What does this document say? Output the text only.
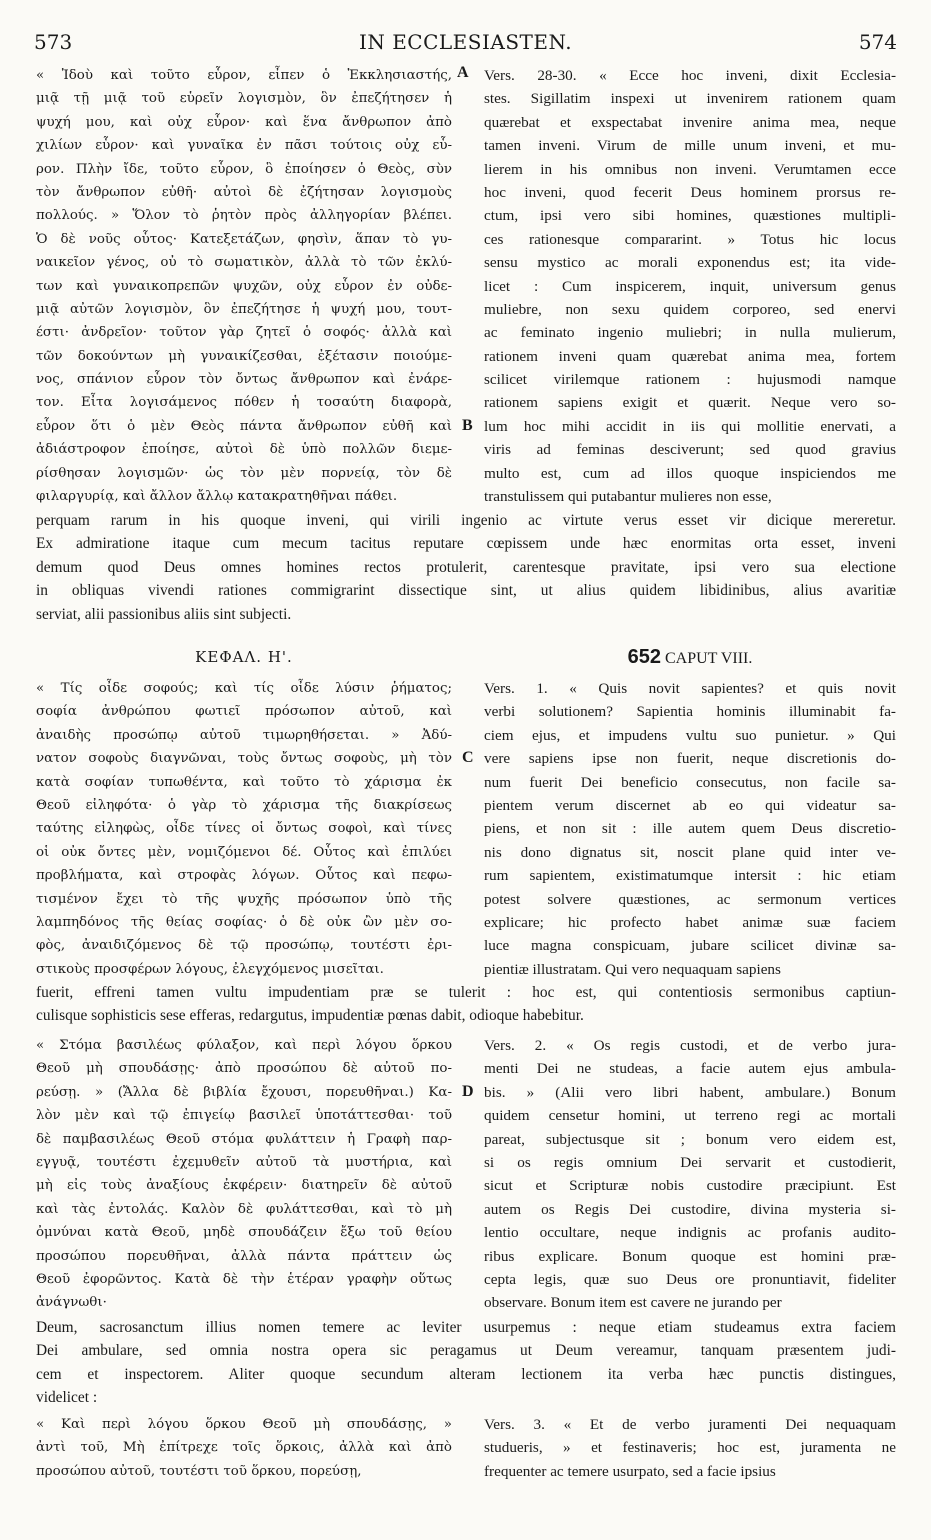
573	IN ECCLESIASTEN.	574
« Ἰδοὺ καὶ τοῦτο εὗρον, εἶπεν ὁ Ἐκκλησιαστής,
μιᾷ τῇ μιᾷ τοῦ εὑρεῖν λογισμὸν, ὃν ἐπεζήτησεν ἡ
ψυχή μου, καὶ οὐχ εὗρον· καὶ ἕνα ἄνθρωπον ἀπὸ
χιλίων εὗρον· καὶ γυναῖκα ἐν πᾶσι τούτοις οὐχ εὗ-
ρον. Πλὴν ἴδε, τοῦτο εὗρον, ὃ ἐποίησεν ὁ Θεὸς, σὺν
τὸν ἄνθρωπον εὐθῆ· αὐτοὶ δὲ ἐζήτησαν λογισμοὺς
πολλούς. » Ὅλον τὸ ῥητὸν πρὸς ἀλληγορίαν βλέπει.
Ὁ δὲ νοῦς οὗτος· Κατεξετάζων, φησὶν, ἅπαν τὸ γυ-
ναικεῖον γένος, οὐ τὸ σωματικὸν, ἀλλὰ τὸ τῶν ἐκλύ-
των καὶ γυναικοπρεπῶν ψυχῶν, οὐχ εὗρον ἐν οὐδε-
μιᾷ αὐτῶν λογισμὸν, ὃν ἐπεζήτησε ἡ ψυχή μου, τουτ-
έστι· ἀνδρεῖον· τοῦτον γὰρ ζητεῖ ὁ σοφός· ἀλλὰ καὶ
τῶν δοκούντων μὴ γυναικίζεσθαι, ἐξέτασιν ποιούμε-
νος, σπάνιον εὗρον τὸν ὄντως ἄνθρωπον καὶ ἐνάρε-
τον. Εἶτα λογισάμενος πόθεν ἡ τοσαύτη διαφορὰ,
εὗρον ὅτι ὁ μὲν Θεὸς πάντα ἄνθρωπον εὐθῆ καὶ
ἀδιάστροφον ἐποίησε, αὐτοὶ δὲ ὑπὸ πολλῶν διεμε-
ρίσθησαν λογισμῶν· ὡς τὸν μὲν πορνείᾳ, τὸν δὲ
φιλαργυρίᾳ, καὶ ἄλλον ἄλλῳ κατακρατηθῆναι πάθει.
Vers. 28-30. « Ecce hoc inveni, dixit Ecclesia-
stes. Sigillatim inspexi ut invenirem rationem quam
quærebat et exspectabat invenire anima mea, neque
tamen inveni. Virum de mille unum inveni, et mu-
lierem in his omnibus non inveni. Verumtamen ecce
hoc inveni, quod fecerit Deus hominem prorsus re-
ctum, ipsi vero sibi homines, quæstiones multipli-
ces rationesque compararint. » Totus hic locus
sensu mystico ac morali exponendus est; ita vide-
licet : Cum inspicerem, inquit, universum genus
muliebre, non sexu quidem corporeo, sed enervi
ac feminato ingenio muliebri; in nulla mulierum,
rationem inveni quam quærebat anima mea, fortem
scilicet virilemque rationem : hujusmodi namque
rationem sapiens exigit et quærit. Neque vero so-
lum hoc mihi accidit in iis qui mollitie enervati, a
viris ad feminas desciverunt; sed quod gravius
multo est, cum ad illos quoque inspiciendos me
transtulissem qui putabantur mulieres non esse,
A
B
perquam rarum in his quoque inveni, qui virili ingenio ac virtute verus esset vir dicique mereretur.
Ex admiratione itaque cum mecum tacitus reputare cœpissem unde hæc enormitas orta esset, inveni
demum quod Deus omnes homines rectos protulerit, carentesque pravitate, ipsi vero sua electione
in obliquas vivendi rationes commigrarint dissectique sint, ut alius quidem libidinibus, alius avaritiæ
serviat, alii passionibus aliis sint subjecti.
ΚΕΦΑΛ. Η'.	652 CAPUT VIII.
« Τίς οἶδε σοφούς; καὶ τίς οἶδε λύσιν ῥήματος;
σοφία ἀνθρώπου φωτιεῖ πρόσωπον αὐτοῦ, καὶ
ἀναιδὴς προσώπῳ αὐτοῦ τιμωρηθήσεται. » Ἀδύ-
νατον σοφοὺς διαγνῶναι, τοὺς ὄντως σοφοὺς, μὴ τὸν
κατὰ σοφίαν τυπωθέντα, καὶ τοῦτο τὸ χάρισμα ἐκ
Θεοῦ εἰληφότα· ὁ γὰρ τὸ χάρισμα τῆς διακρίσεως
ταύτης εἰληφὼς, οἶδε τίνες οἱ ὄντως σοφοὶ, καὶ τίνες
οἱ οὐκ ὄντες μὲν, νομιζόμενοι δέ. Οὗτος καὶ ἐπιλύει
προβλήματα, καὶ στροφὰς λόγων. Οὗτος καὶ πεφω-
τισμένον ἔχει τὸ τῆς ψυχῆς πρόσωπον ὑπὸ τῆς
λαμπηδόνος τῆς θείας σοφίας· ὁ δὲ οὐκ ὢν μὲν σο-
φὸς, ἀναιδιζόμενος δὲ τῷ προσώπῳ, τουτέστι ἐρι-
στικοὺς προσφέρων λόγους, ἐλεγχόμενος μισεῖται.
Vers. 1. « Quis novit sapientes? et quis novit
verbi solutionem? Sapientia hominis illuminabit fa-
ciem ejus, et impudens vultu suo punietur. » Qui
vere sapiens ipse non fuerit, neque discretionis do-
num fuerit Dei beneficio consecutus, non facile sa-
pientem verum discernet ab eo qui videatur sa-
piens, et non sit : ille autem quem Deus discretio-
nis dono dignatus sit, noscit plane quid inter ve-
rum sapientem, existimatumque intersit : hic etiam
potest solvere quæstiones, ac sermonum vertices
explicare; hic profecto habet animæ suæ faciem
luce magna conspicuam, jubare scilicet divinæ sa-
pientiæ illustratam. Qui vero nequaquam sapiens
C
fuerit, effreni tamen vultu impudentiam præ se tulerit : hoc est, qui contentiosis sermonibus captiun-
culisque sophisticis sese efferas, redargutus, impudentiæ pœnas dabit, odioque habebitur.
« Στόμα βασιλέως φύλαξον, καὶ περὶ λόγου ὅρκου
Θεοῦ μὴ σπουδάσῃς· ἀπὸ προσώπου δὲ αὐτοῦ πο-
ρεύσῃ. » (Ἄλλα δὲ βιβλία ἔχουσι, πορευθῆναι.) Κα-
λὸν μὲν καὶ τῷ ἐπιγείῳ βασιλεῖ ὑποτάττεσθαι· τοῦ
δὲ παμβασιλέως Θεοῦ στόμα φυλάττειν ἡ Γραφὴ παρ-
εγγυᾷ, τουτέστι ἐχεμυθεῖν αὐτοῦ τὰ μυστήρια, καὶ
μὴ εἰς τοὺς ἀναξίους ἐκφέρειν· διατηρεῖν δὲ αὐτοῦ
καὶ τὰς ἐντολάς. Καλὸν δὲ φυλάττεσθαι, καὶ τὸ μὴ
ὀμνύναι κατὰ Θεοῦ, μηδὲ σπουδάζειν ἔξω τοῦ θείου
προσώπου πορευθῆναι, ἀλλὰ πάντα πράττειν ὡς
Θεοῦ ἐφορῶντος. Κατὰ δὲ τὴν ἑτέραν γραφὴν οὕτως
ἀνάγνωθι·
Vers. 2. « Os regis custodi, et de verbo jura-
menti Dei ne studeas, a facie autem ejus ambula-
bis. » (Alii vero libri habent, ambulare.) Bonum
quidem censetur homini, ut terreno regi ac mortali
pareat, subjectusque sit ; bonum vero eidem est,
si os regis omnium Dei servarit et custodierit,
sicut et Scripturæ nobis custodire præcipiunt. Est
autem os Regis Dei custodire, divina mysteria si-
lentio occultare, neque indignis ac profanis audito-
ribus explicare. Bonum quoque est homini præ-
cepta legis, quæ suo Deus ore pronuntiavit, fideliter
observare. Bonum item est cavere ne jurando per
D
Deum, sacrosanctum illius nomen temere ac leviter usurpemus : neque etiam studeamus extra faciem
Dei ambulare, sed omnia nostra opera sic peragamus ut Deum vereamur, tanquam præsentem judi-
cem et inspectorem. Aliter quoque secundum alteram lectionem ita verba hæc punctis distingues,
videlicet :
« Καὶ περὶ λόγου ὅρκου Θεοῦ μὴ σπουδάσῃς, »
ἀντὶ τοῦ, Μὴ ἐπίτρεχε τοῖς ὅρκοις, ἀλλὰ καὶ ἀπὸ
προσώπου αὐτοῦ, τουτέστι τοῦ ὅρκου, πορεύσῃ,
Vers. 3. « Et de verbo juramenti Dei nequaquam
studueris, » et festinaveris; hoc est, juramenta ne
frequenter ac temere usurpato, sed a facie ipsius
